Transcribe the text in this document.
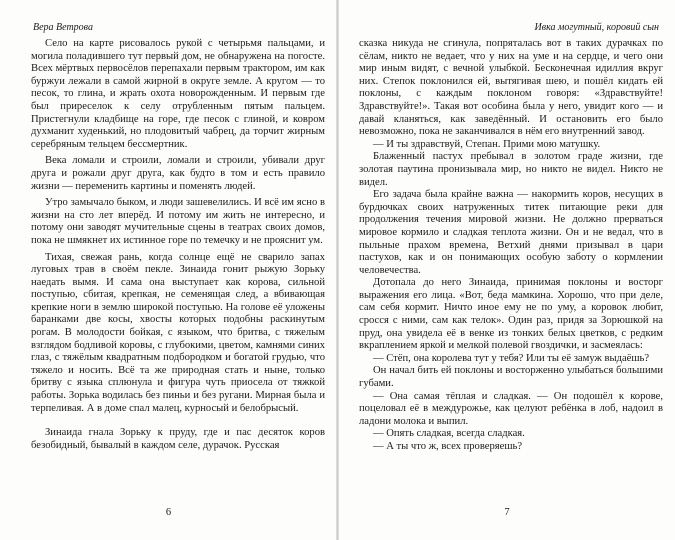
Вера Ветрова

Село на карте рисовалось рукой с четырьмя пальцами, и могила поладившего тут первый дом, не обнаружена на погосте. Всех мёртвых первосёлов перепахали первым трактором, им как буржуи лежали в самой жирной в округе земле. А кругом — то песок, то глина, и жрать охота новорожденным. И первым где был приреселок к селу отрубленным пятым пальцем. Пристегнули кладбище на горе, где песок с глиной, и ковром духманит худенький, но плодовитый чабрец, да торчит жирным серебряным тельцем бессмертник.

Века ломали и строили, ломали и строили, убивали друг друга и рожали друг друга, как будто в том и есть правило жизни — переменить картины и поменять людей.

Утро замычало быком, и люди зашевелились. И всё им ясно в жизни на сто лет вперёд. И потому им жить не интересно, и потому они заводят мучительные сцены в театрах своих домов, пока не шмякнет их истинное горе по темечку и не прояснит ум.

Тихая, свежая рань, когда солнце ещё не сварило запах луговых трав в своём пекле. Зинаида гонит рыжую Зорьку наедать вымя. И сама она выступает как корова, сильной поступью, сбитая, крепкая, не семенящая след, а вбивающая крепкие ноги в землю широкой поступью. На голове её уложены баранками две косы, хвосты которых подобны раскинутым рогам. В молодости бойкая, с языком, что бритва, с тяжелым взглядом бодливой коровы, с глубокими, цветом, камнями синих глаз, с тяжёлым квадратным подбородком и богатой грудью, что тяжело и носить. Всё та же природная стать и ныне, только бритву с языка сплюнула и фигура чуть приосела от тяжкой работы. Зорька водилась без пиньи и без ругани. Мирная была и терпеливая. А в доме спал малец, курносый и белобрысый.

Зинаида гнала Зорьку к пруду, где и пас десяток коров безобидный, бывалый в каждом селе, дурачок. Русская

6
Ивка могутный, коровий сын

сказка никуда не сгинула, попряталась вот в таких дурачках по сёлам, никто не ведает, что у них на уме и на сердце, и чего они мир иным видят, с вечной улыбкой. Бесконечная идиллия вкруг них. Степок поклонился ей, вытягивая шею, и пошёл кидать ей поклоны, с каждым поклоном говоря: «Здравствуйте! Здравствуйте!». Такая вот особина была у него, увидит кого — и давай кланяться, как заведённый. И остановить его было невозможно, пока не заканчивался в нём его внутренний завод.

— И ты здравствуй, Степан. Прими мою матушку.

Блаженный пастух пребывал в золотом граде жизни, где золотая паутина пронизывала мир, но никто не видел. Никто не видел.

Его задача была крайне важна — накормить коров, несущих в бурдючках своих натруженных титек питающие реки для продолжения течения мировой жизни. Не должно прерваться мировое кормило и сладкая теплота жизни. Он и не ведал, что в пыльные прахом времена, Ветхий днями призывал в цари пастухов, как и он понимающих особую заботу о кормлении человечества.

Дотопала до него Зинаида, принимая поклоны и восторг выражения его лица. «Вот, беда мамкина. Хорошо, что при деле, сам себя кормит. Ничто иное ему не по уму, а коровок любит, сросся с ними, сам как телок». Один раз, придя за Зорюшкой на пруд, она увидела её в венке из тонких белых цветков, с редким вкраплением яркой и мелкой полевой гвоздички, и засмеялась:

— Стёп, она королева тут у тебя? Или ты её замуж выдаёшь?

Он начал бить ей поклоны и восторженно улыбаться большими губами.

— Она самая тёплая и сладкая. — Он подошёл к корове, поцеловал её в междурожье, как целуют ребёнка в лоб, надоил в ладони молока и выпил.

— Опять сладкая, всегда сладкая.

— А ты что ж, всех проверяешь?

7
